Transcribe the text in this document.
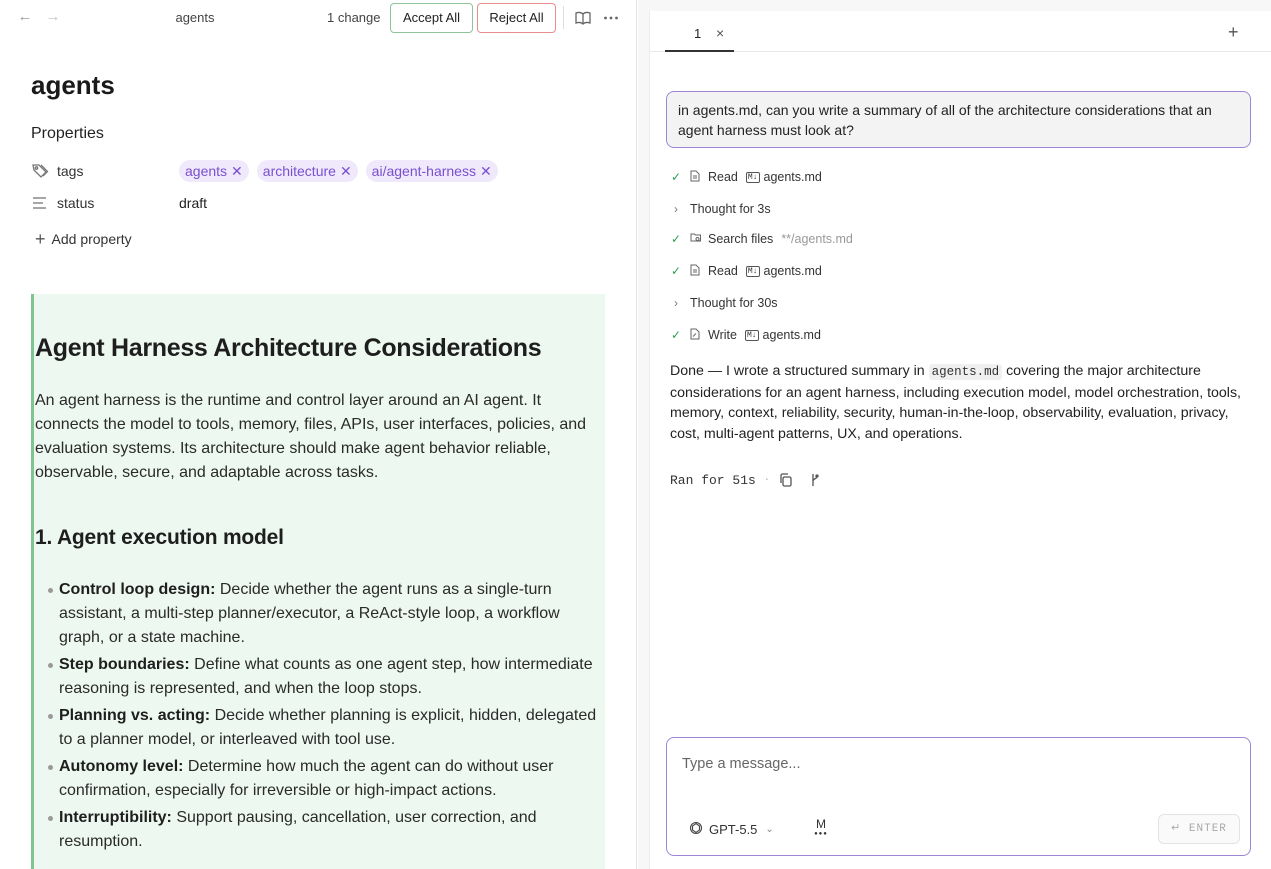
← →	agents	1 change	Accept All	Reject All
agents
Properties
tags	agents ✕ architecture ✕ ai/agent-harness ✕
status	draft
+ Add property
Agent Harness Architecture Considerations
An agent harness is the runtime and control layer around an AI agent. It connects the model to tools, memory, files, APIs, user interfaces, policies, and evaluation systems. Its architecture should make agent behavior reliable, observable, secure, and adaptable across tasks.
1. Agent execution model
Control loop design: Decide whether the agent runs as a single-turn assistant, a multi-step planner/executor, a ReAct-style loop, a workflow graph, or a state machine.
Step boundaries: Define what counts as one agent step, how intermediate reasoning is represented, and when the loop stops.
Planning vs. acting: Decide whether planning is explicit, hidden, delegated to a planner model, or interleaved with tool use.
Autonomy level: Determine how much the agent can do without user confirmation, especially for irreversible or high-impact actions.
Interruptibility: Support pausing, cancellation, user correction, and resumption.
1 ×	+
in agents.md, can you write a summary of all of the architecture considerations that an agent harness must look at?
✓ Read M↓ agents.md
› Thought for 3s
✓ Search files **/agents.md
✓ Read M↓ agents.md
› Thought for 30s
✓ Write M↓ agents.md
Done — I wrote a structured summary in agents.md covering the major architecture considerations for an agent harness, including execution model, model orchestration, tools, memory, context, reliability, security, human-in-the-loop, observability, evaluation, privacy, cost, multi-agent patterns, UX, and operations.
Ran for 51s ·
Type a message...
GPT-5.5 ⌄	M
●●●	↵ ENTER
